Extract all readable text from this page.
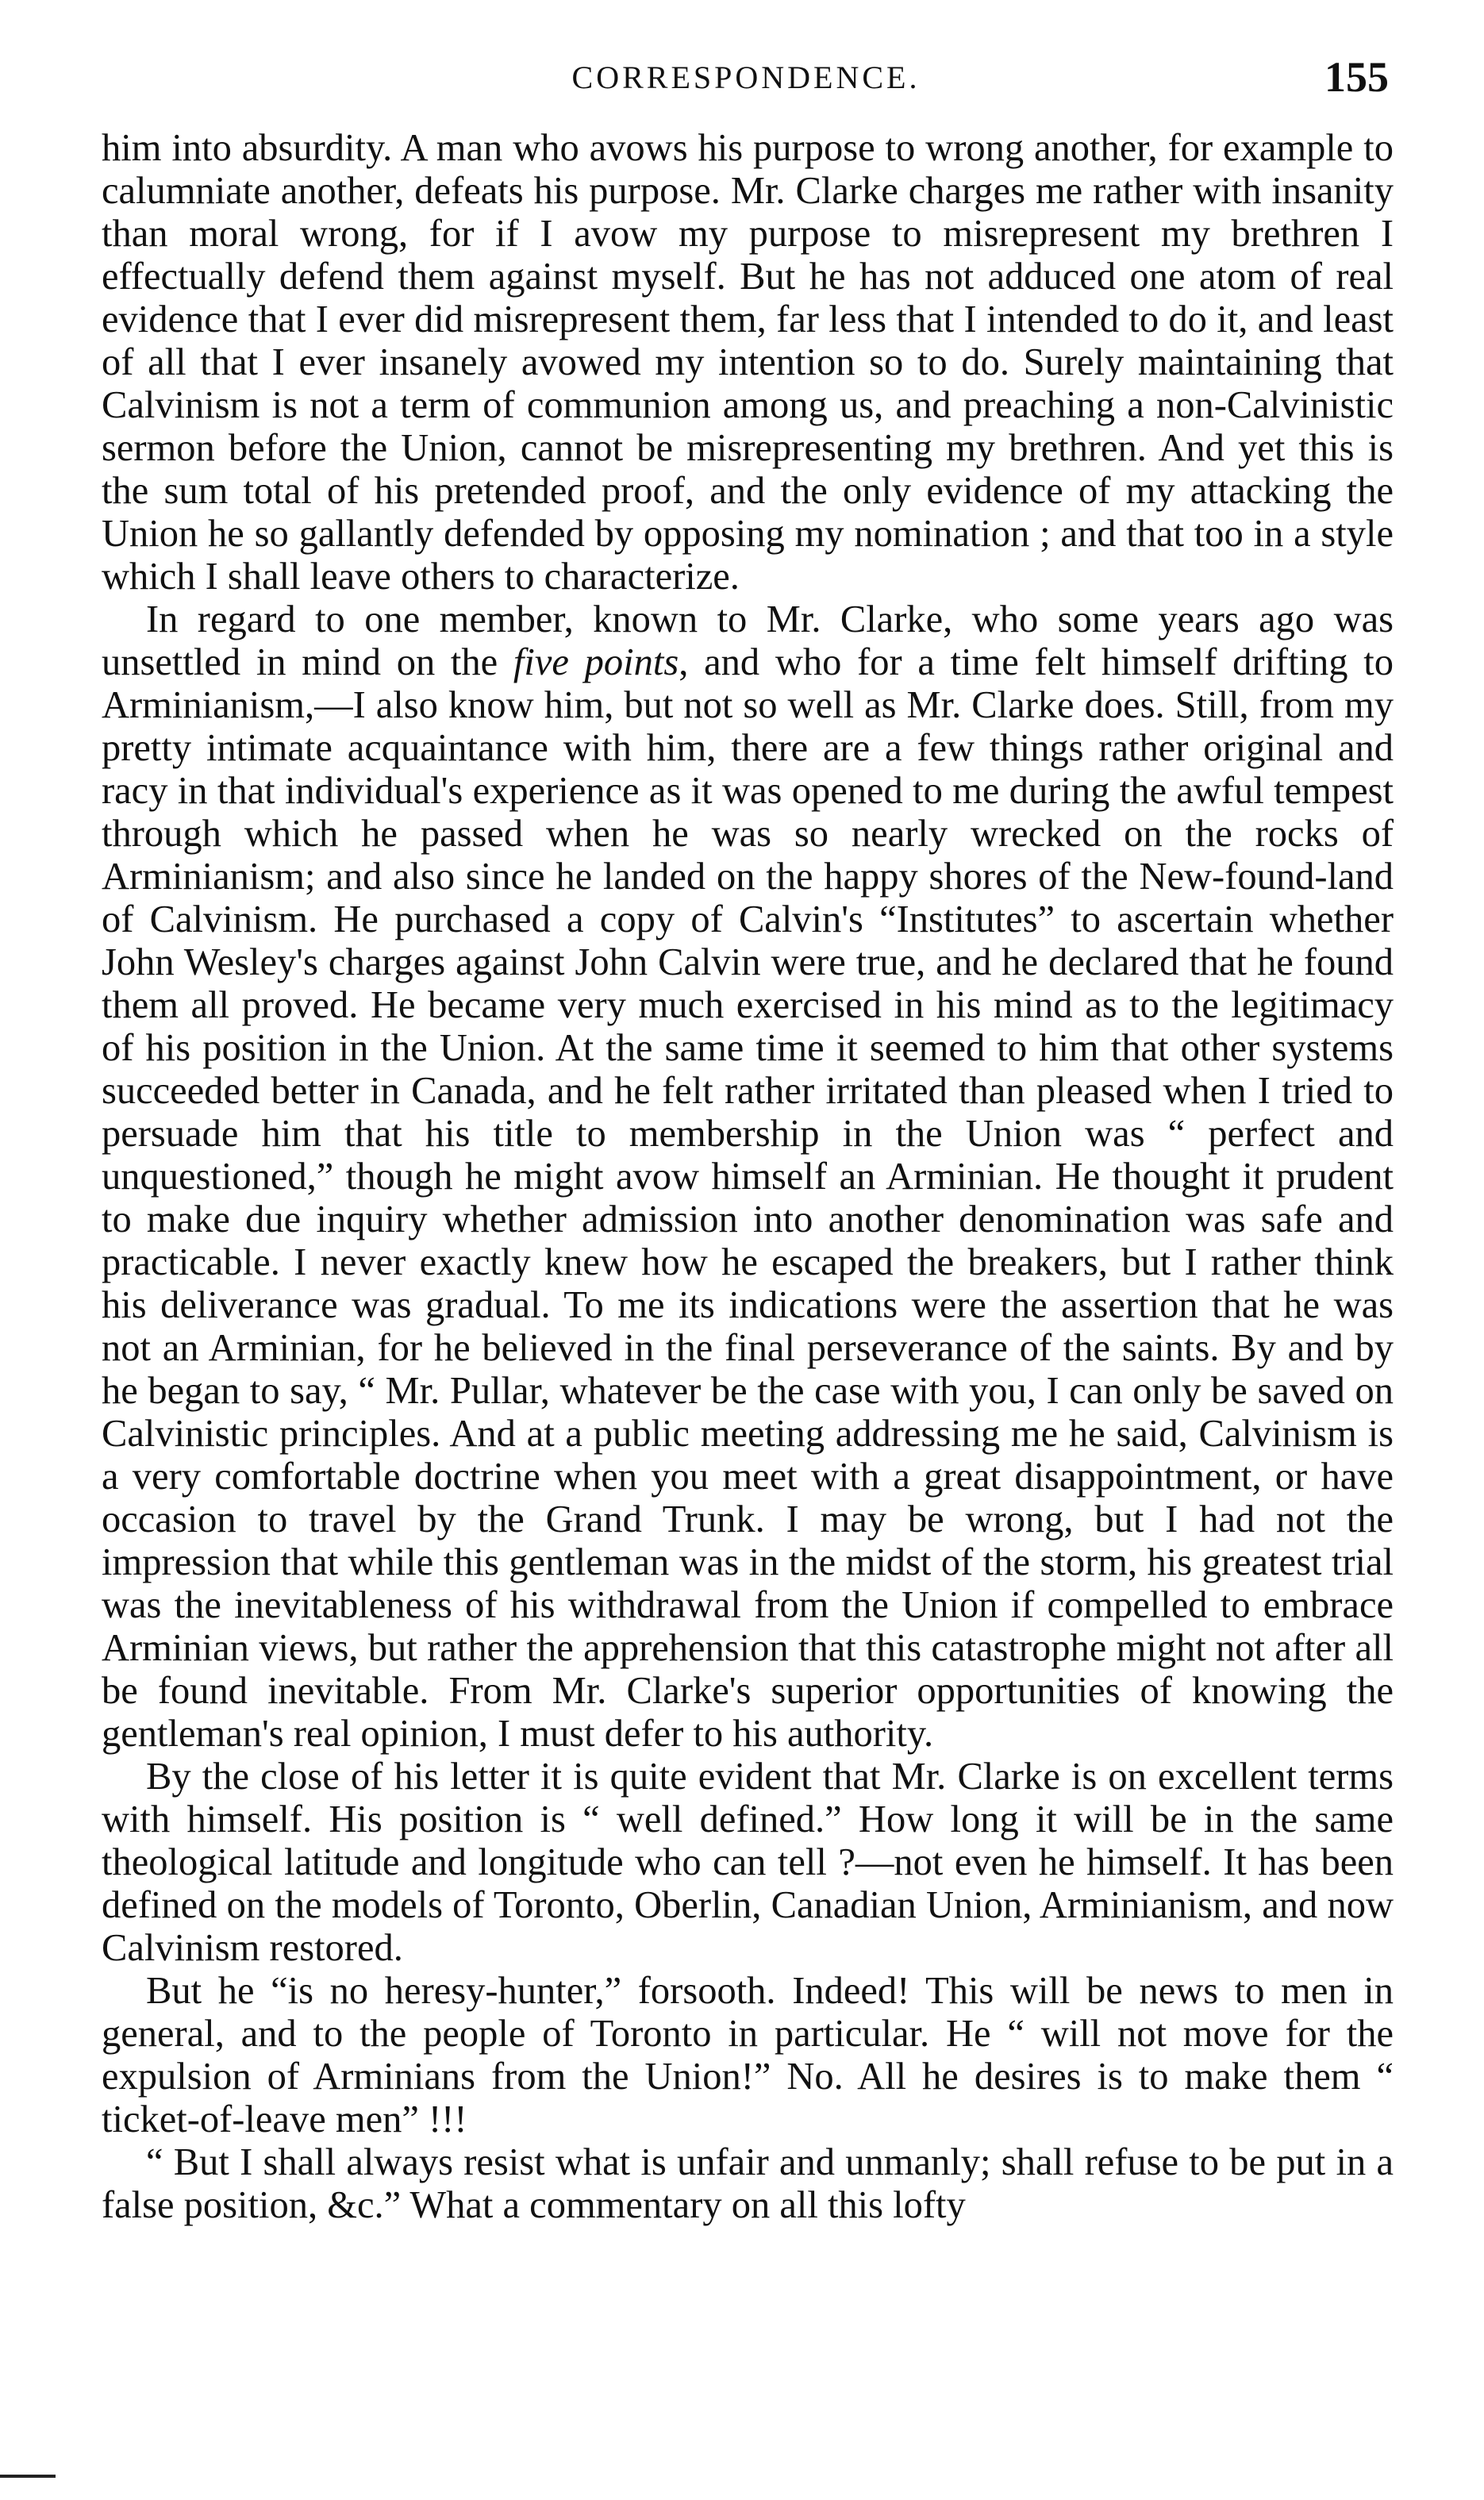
CORRESPONDENCE.	155

him into absurdity. A man who avows his purpose to wrong another, for example to calumniate another, defeats his purpose. Mr. Clarke charges me rather with insanity than moral wrong, for if I avow my purpose to misrepresent my brethren I effectually defend them against myself. But he has not adduced one atom of real evidence that I ever did misrepresent them, far less that I intended to do it, and least of all that I ever insanely avowed my intention so to do. Surely maintaining that Calvinism is not a term of communion among us, and preaching a non-Calvinistic sermon before the Union, cannot be misrepresenting my brethren. And yet this is the sum total of his pretended proof, and the only evidence of my attacking the Union he so gallantly defended by opposing my nomination ; and that too in a style which I shall leave others to characterize.

In regard to one member, known to Mr. Clarke, who some years ago was unsettled in mind on the five points, and who for a time felt himself drifting to Arminianism,—I also know him, but not so well as Mr. Clarke does. Still, from my pretty intimate acquaintance with him, there are a few things rather original and racy in that individual's experience as it was opened to me during the awful tempest through which he passed when he was so nearly wrecked on the rocks of Arminianism; and also since he landed on the happy shores of the New-found-land of Calvinism. He purchased a copy of Calvin's “Institutes” to ascertain whether John Wesley's charges against John Calvin were true, and he declared that he found them all proved. He became very much exercised in his mind as to the legitimacy of his position in the Union. At the same time it seemed to him that other systems succeeded better in Canada, and he felt rather irritated than pleased when I tried to persuade him that his title to membership in the Union was “ perfect and unquestioned,” though he might avow himself an Arminian. He thought it prudent to make due inquiry whether admission into another denomination was safe and practicable. I never exactly knew how he escaped the breakers, but I rather think his deliverance was gradual. To me its indications were the assertion that he was not an Arminian, for he believed in the final perseverance of the saints. By and by he began to say, “ Mr. Pullar, whatever be the case with you, I can only be saved on Calvinistic principles. And at a public meeting addressing me he said, Calvinism is a very comfortable doctrine when you meet with a great disappointment, or have occasion to travel by the Grand Trunk. I may be wrong, but I had not the impression that while this gentleman was in the midst of the storm, his greatest trial was the inevitableness of his withdrawal from the Union if compelled to embrace Arminian views, but rather the apprehension that this catastrophe might not after all be found inevitable. From Mr. Clarke's superior opportunities of knowing the gentleman's real opinion, I must defer to his authority.

By the close of his letter it is quite evident that Mr. Clarke is on excellent terms with himself. His position is “ well defined.” How long it will be in the same theological latitude and longitude who can tell ?—not even he himself. It has been defined on the models of Toronto, Oberlin, Canadian Union, Arminianism, and now Calvinism restored.

But he “is no heresy-hunter,” forsooth. Indeed! This will be news to men in general, and to the people of Toronto in particular. He “ will not move for the expulsion of Arminians from the Union!” No. All he desires is to make them “ ticket-of-leave men” !!!

“ But I shall always resist what is unfair and unmanly; shall refuse to be put in a false position, &c.” What a commentary on all this lofty
